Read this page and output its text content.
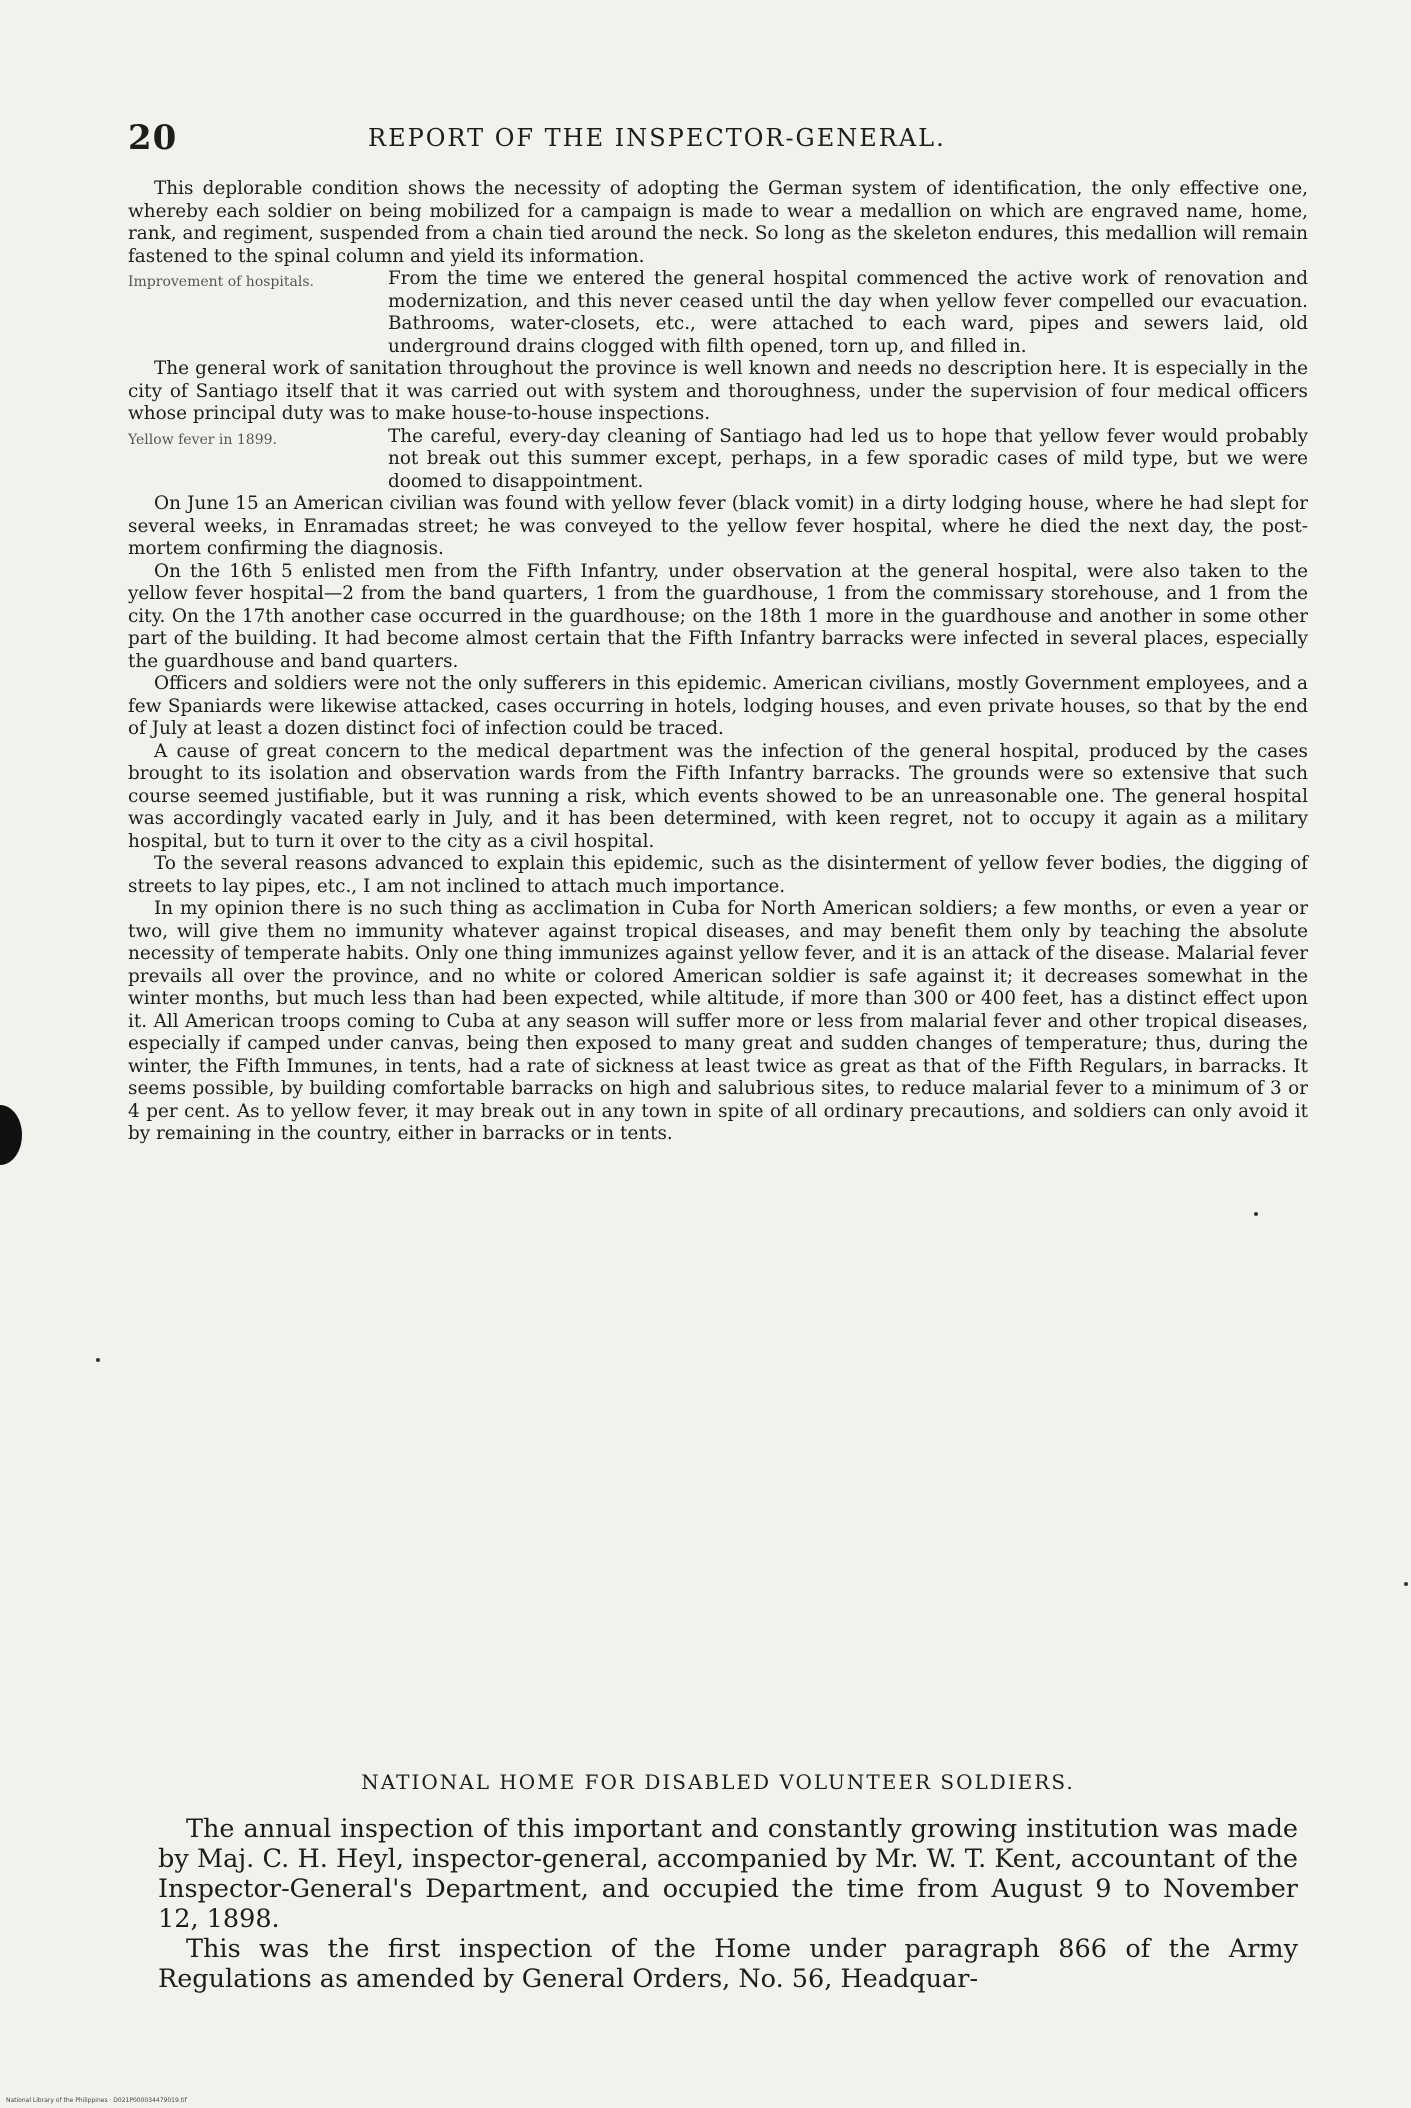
20	REPORT OF THE INSPECTOR-GENERAL.

This deplorable condition shows the necessity of adopting the German system of identification, the only effective one, whereby each soldier on being mobilized for a campaign is made to wear a medallion on which are engraved name, home, rank, and regiment, suspended from a chain tied around the neck. So long as the skeleton endures, this medallion will remain fastened to the spinal column and yield its information.

Improvement of hospitals.	From the time we entered the general hospital commenced the active work of renovation and modernization, and this never ceased until the day when yellow fever compelled our evacuation. Bathrooms, water-closets, etc., were attached to each ward, pipes and sewers laid, old underground drains clogged with filth opened, torn up, and filled in.

The general work of sanitation throughout the province is well known and needs no description here. It is especially in the city of Santiago itself that it was carried out with system and thoroughness, under the supervision of four medical officers whose principal duty was to make house-to-house inspections.

Yellow fever in 1899.	The careful, every-day cleaning of Santiago had led us to hope that yellow fever would probably not break out this summer except, perhaps, in a few sporadic cases of mild type, but we were doomed to disappointment.

On June 15 an American civilian was found with yellow fever (black vomit) in a dirty lodging house, where he had slept for several weeks, in Enramadas street; he was conveyed to the yellow fever hospital, where he died the next day, the post-mortem confirming the diagnosis.

On the 16th 5 enlisted men from the Fifth Infantry, under observation at the general hospital, were also taken to the yellow fever hospital—2 from the band quarters, 1 from the guardhouse, 1 from the commissary storehouse, and 1 from the city. On the 17th another case occurred in the guardhouse; on the 18th 1 more in the guardhouse and another in some other part of the building. It had become almost certain that the Fifth Infantry barracks were infected in several places, especially the guardhouse and band quarters.

Officers and soldiers were not the only sufferers in this epidemic. American civilians, mostly Government employees, and a few Spaniards were likewise attacked, cases occurring in hotels, lodging houses, and even private houses, so that by the end of July at least a dozen distinct foci of infection could be traced.

A cause of great concern to the medical department was the infection of the general hospital, produced by the cases brought to its isolation and observation wards from the Fifth Infantry barracks. The grounds were so extensive that such course seemed justifiable, but it was running a risk, which events showed to be an unreasonable one. The general hospital was accordingly vacated early in July, and it has been determined, with keen regret, not to occupy it again as a military hospital, but to turn it over to the city as a civil hospital.

To the several reasons advanced to explain this epidemic, such as the disinterment of yellow fever bodies, the digging of streets to lay pipes, etc., I am not inclined to attach much importance.

In my opinion there is no such thing as acclimation in Cuba for North American soldiers; a few months, or even a year or two, will give them no immunity whatever against tropical diseases, and may benefit them only by teaching the absolute necessity of temperate habits. Only one thing immunizes against yellow fever, and it is an attack of the disease. Malarial fever prevails all over the province, and no white or colored American soldier is safe against it; it decreases somewhat in the winter months, but much less than had been expected, while altitude, if more than 300 or 400 feet, has a distinct effect upon it. All American troops coming to Cuba at any season will suffer more or less from malarial fever and other tropical diseases, especially if camped under canvas, being then exposed to many great and sudden changes of temperature; thus, during the winter, the Fifth Immunes, in tents, had a rate of sickness at least twice as great as that of the Fifth Regulars, in barracks. It seems possible, by building comfortable barracks on high and salubrious sites, to reduce malarial fever to a minimum of 3 or 4 per cent. As to yellow fever, it may break out in any town in spite of all ordinary precautions, and soldiers can only avoid it by remaining in the country, either in barracks or in tents.

NATIONAL HOME FOR DISABLED VOLUNTEER SOLDIERS.

The annual inspection of this important and constantly growing institution was made by Maj. C. H. Heyl, inspector-general, accompanied by Mr. W. T. Kent, accountant of the Inspector-General's Department, and occupied the time from August 9 to November 12, 1898.

This was the first inspection of the Home under paragraph 866 of the Army Regulations as amended by General Orders, No. 56, Headquar-

National Library of the Philippines · D021P000034479019.tif
